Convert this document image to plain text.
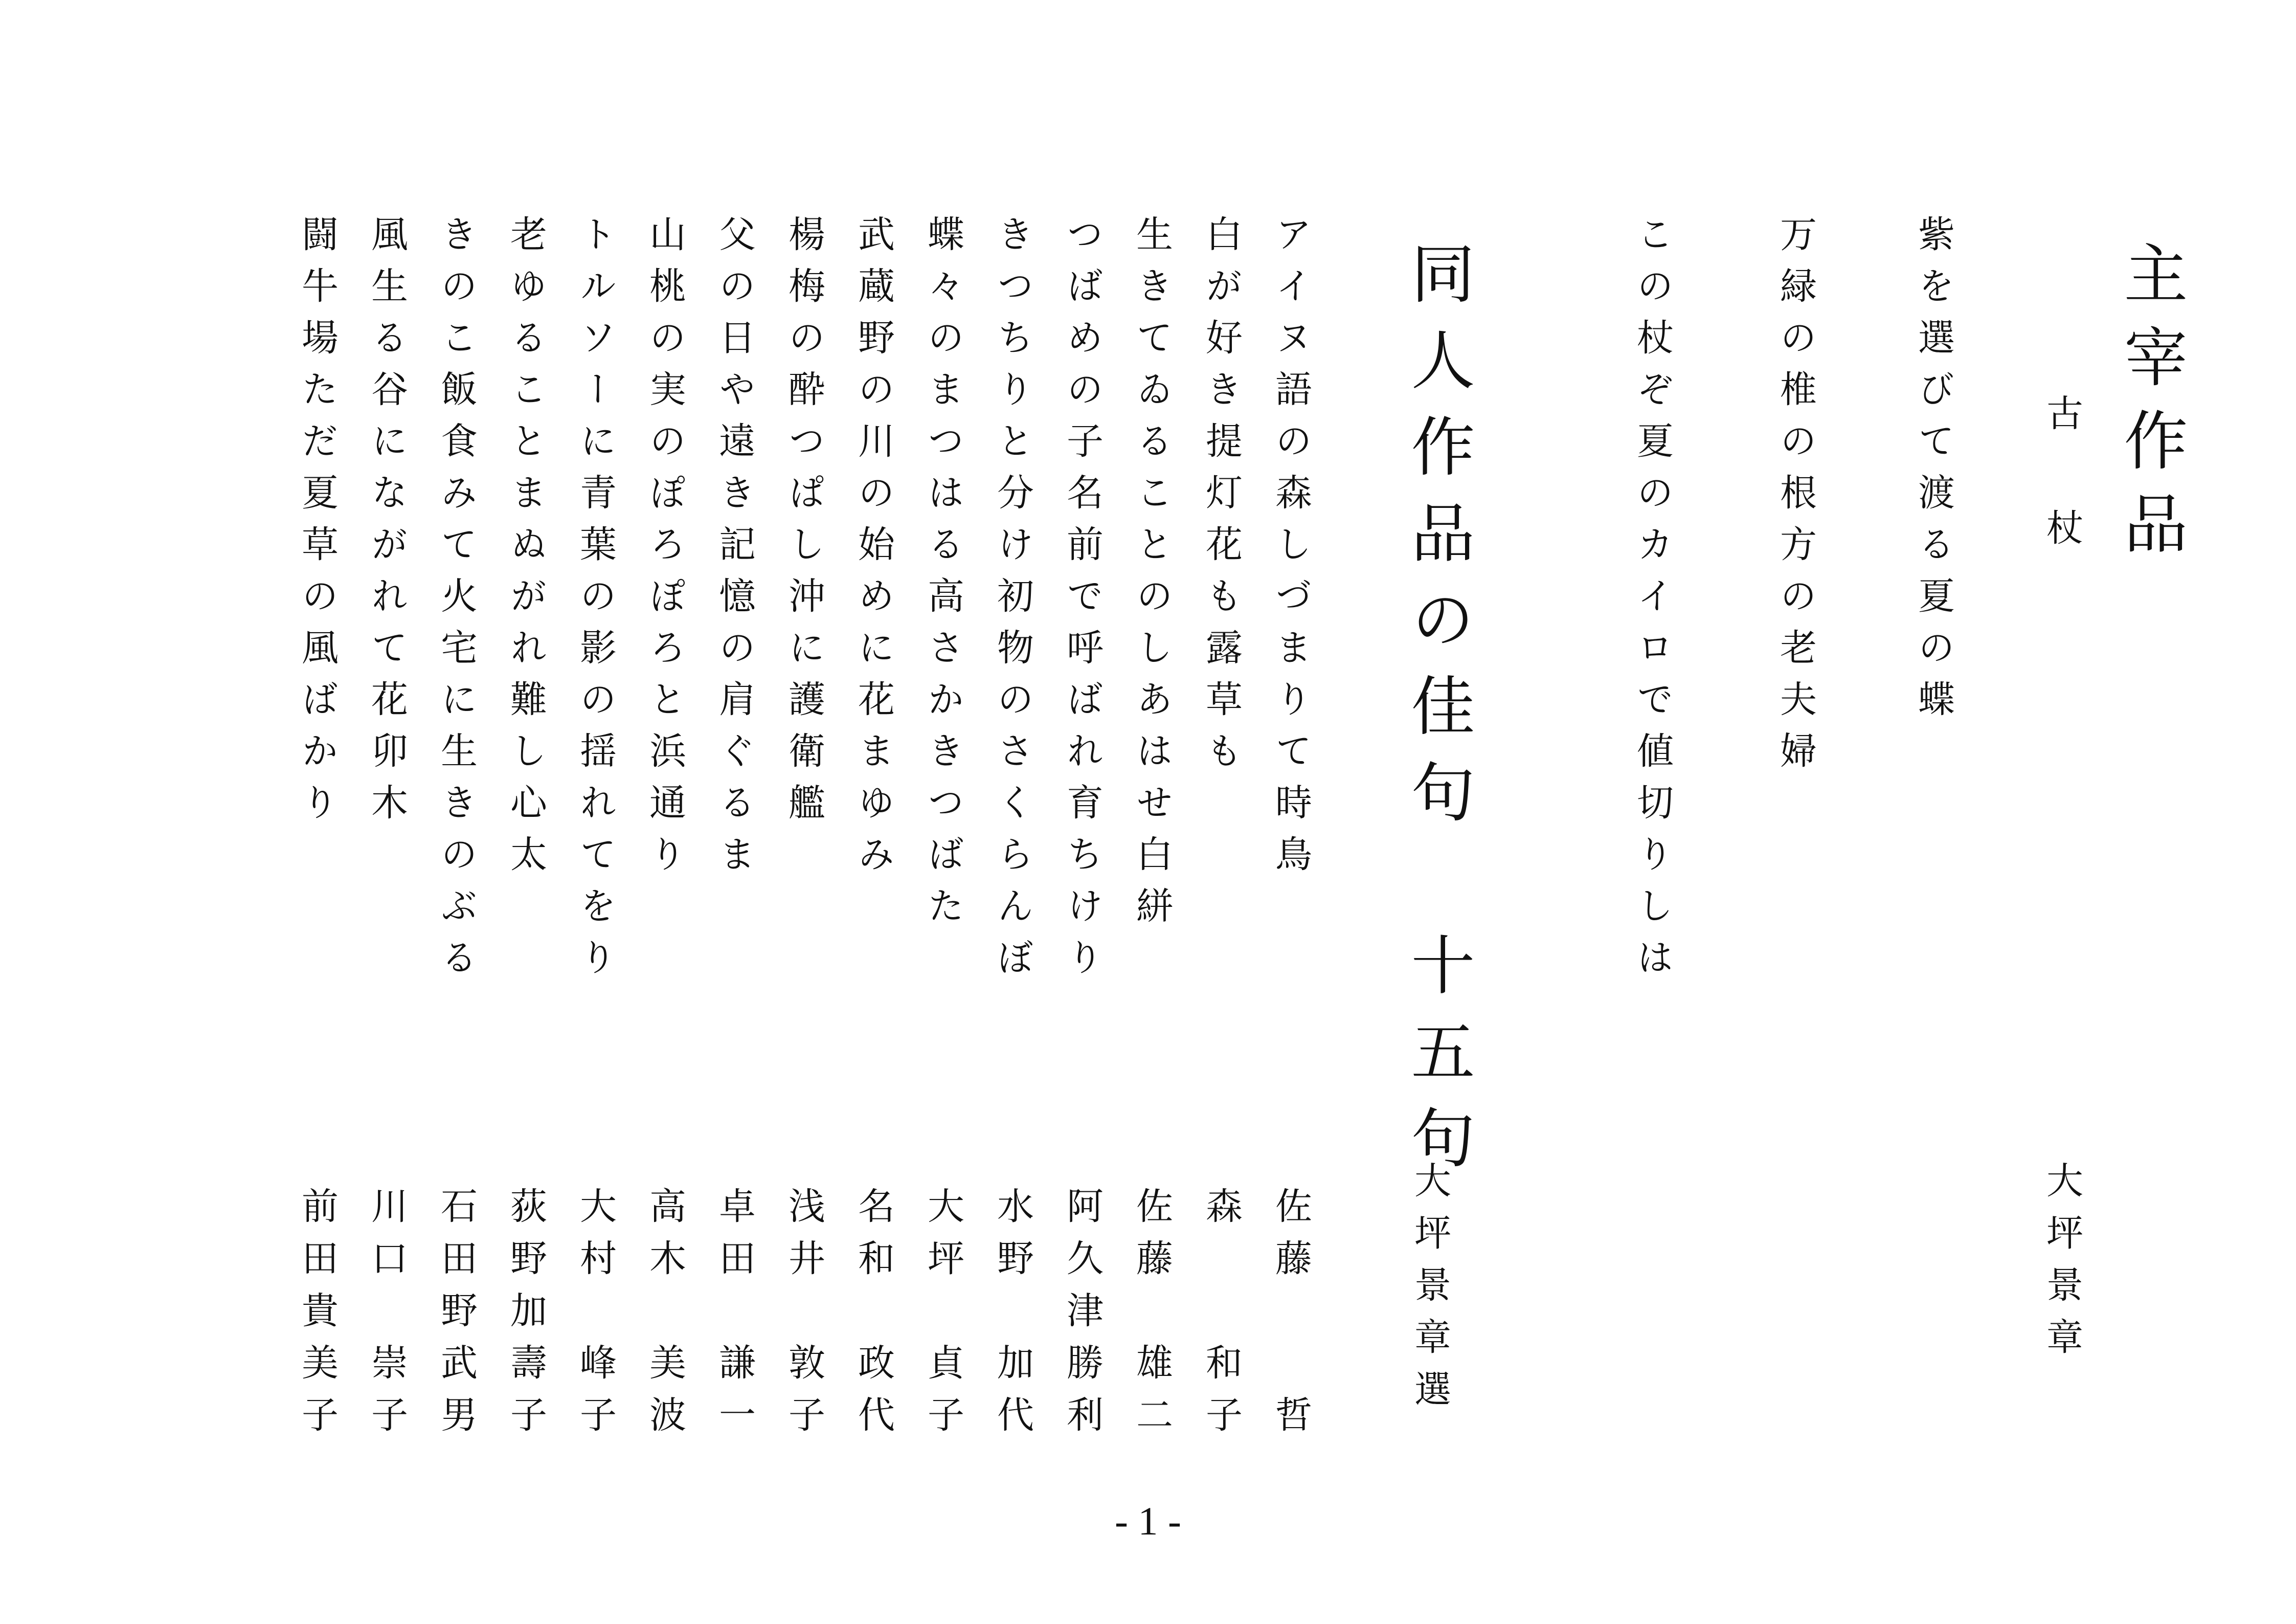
主宰作品
古　杖
大坪景章
紫を選びて渡る夏の蝶
万緑の椎の根方の老夫婦
この杖ぞ夏のカイロで値切りしは
同人作品の佳句　十五句
大坪景章選
アイヌ語の森しづまりて時鳥
白が好き提灯花も露草も
生きてゐることのしあはせ白絣
つばめの子名前で呼ばれ育ちけり
きつちりと分け初物のさくらんぼ
蝶々のまつはる高さかきつばた
武蔵野の川の始めに花まゆみ
楊梅の酔つぱし沖に護衛艦
父の日や遠き記憶の肩ぐるま
山桃の実のぽろぽろと浜通り
トルソーに青葉の影の揺れてをり
老ゆることまぬがれ難し心太
きのこ飯食みて火宅に生きのぶる
風生る谷にながれて花卯木
闘牛場ただ夏草の風ばかり
佐藤　　哲
森　　和子
佐藤　雄二
阿久津勝利
水野　加代
大坪　貞子
名和　政代
浅井　敦子
卓田　謙一
高木　美波
大村　峰子
荻野加壽子
石田野武男
川口　崇子
前田貴美子
- 1 -
